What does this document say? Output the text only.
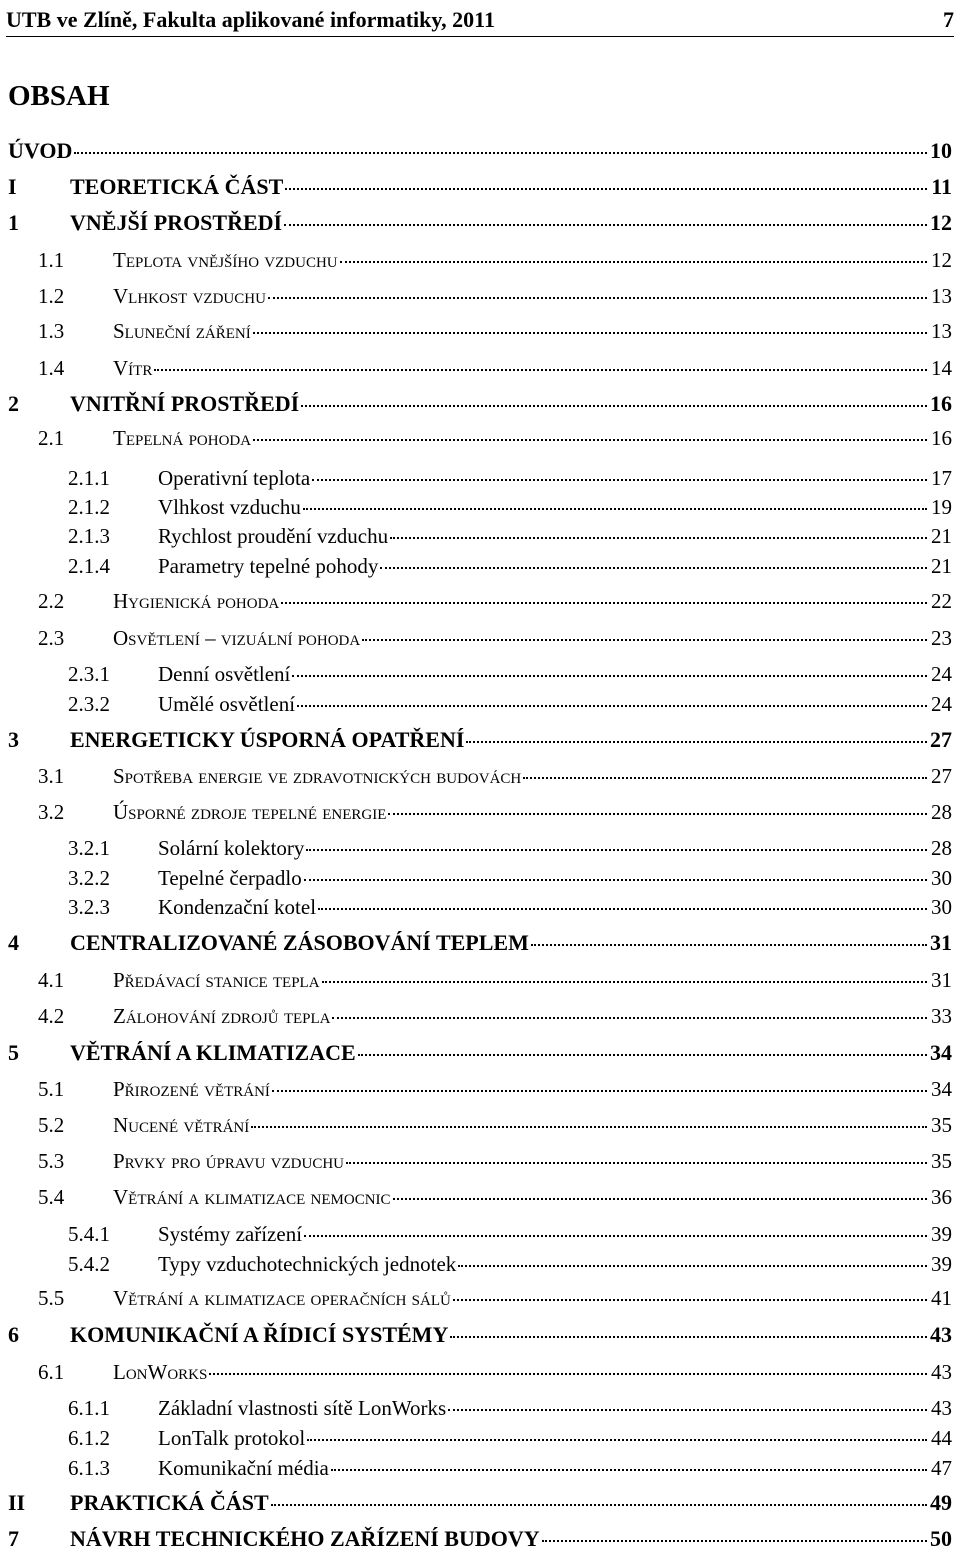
UTB ve Zlíně, Fakulta aplikované informatiky, 2011	7
OBSAH
ÚVOD	10
I	TEORETICKÁ ČÁST	11
1	VNĚJŠÍ PROSTŘEDÍ	12
1.1	Teplota vnějšího vzduchu	12
1.2	Vlhkost vzduchu	13
1.3	Sluneční záření	13
1.4	Vítr	14
2	VNITŘNÍ PROSTŘEDÍ	16
2.1	Tepelná pohoda	16
2.1.1	Operativní teplota	17
2.1.2	Vlhkost vzduchu	19
2.1.3	Rychlost proudění vzduchu	21
2.1.4	Parametry tepelné pohody	21
2.2	Hygienická pohoda	22
2.3	Osvětlení – vizuální pohoda	23
2.3.1	Denní osvětlení	24
2.3.2	Umělé osvětlení	24
3	ENERGETICKY ÚSPORNÁ OPATŘENÍ	27
3.1	Spotřeba energie ve zdravotnických budovách	27
3.2	Úsporné zdroje tepelné energie	28
3.2.1	Solární kolektory	28
3.2.2	Tepelné čerpadlo	30
3.2.3	Kondenzační kotel	30
4	CENTRALIZOVANÉ ZÁSOBOVÁNÍ TEPLEM	31
4.1	Předávací stanice tepla	31
4.2	Zálohování zdrojů tepla	33
5	VĚTRÁNÍ A KLIMATIZACE	34
5.1	Přirozené větrání	34
5.2	Nucené větrání	35
5.3	Prvky pro úpravu vzduchu	35
5.4	Větrání a klimatizace nemocnic	36
5.4.1	Systémy zařízení	39
5.4.2	Typy vzduchotechnických jednotek	39
5.5	Větrání a klimatizace operačních sálů	41
6	KOMUNIKAČNÍ A ŘÍDICÍ SYSTÉMY	43
6.1	LonWorks	43
6.1.1	Základní vlastnosti sítě LonWorks	43
6.1.2	LonTalk protokol	44
6.1.3	Komunikační média	47
II	PRAKTICKÁ ČÁST	49
7	NÁVRH TECHNICKÉHO ZAŘÍZENÍ BUDOVY	50
